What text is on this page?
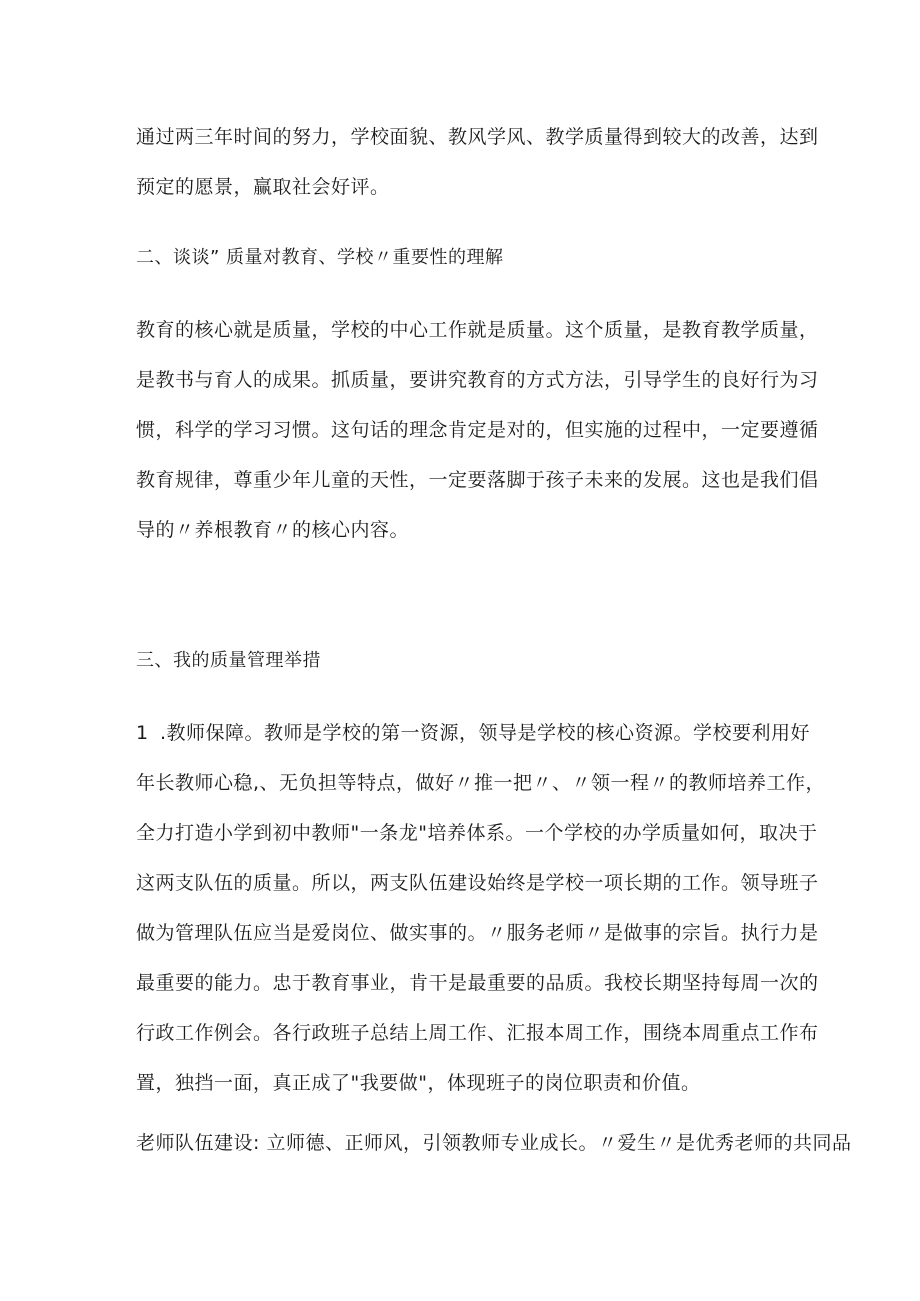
通过两三年时间的努力，学校面貌、教风学风、教学质量得到较大的改善，达到
预定的愿景，赢取社会好评。
二、谈谈” 质量对教育、学校〃重要性的理解
教育的核心就是质量，学校的中心工作就是质量。这个质量，是教育教学质量，
是教书与育人的成果。抓质量，要讲究教育的方式方法，引导学生的良好行为习
惯，科学的学习习惯。这句话的理念肯定是对的，但实施的过程中，一定要遵循
教育规律，尊重少年儿童的天性，一定要落脚于孩子未来的发展。这也是我们倡
导的〃养根教育〃的核心内容。
三、我的质量管理举措
1 .教师保障。教师是学校的第一资源，领导是学校的核心资源。学校要利用好
年长教师心稳,、无负担等特点，做好〃推一把〃、〃领一程〃的教师培养工作，
全力打造小学到初中教师"一条龙"培养体系。一个学校的办学质量如何，取决于
这两支队伍的质量。所以，两支队伍建设始终是学校一项长期的工作。领导班子
做为管理队伍应当是爱岗位、做实事的。〃服务老师〃是做事的宗旨。执行力是
最重要的能力。忠于教育事业，肯干是最重要的品质。我校长期坚持每周一次的
行政工作例会。各行政班子总结上周工作、汇报本周工作，围绕本周重点工作布
置，独挡一面，真正成了"我要做"，体现班子的岗位职责和价值。
老师队伍建设: 立师德、正师风，引领教师专业成长。〃爱生〃是优秀老师的共同品
